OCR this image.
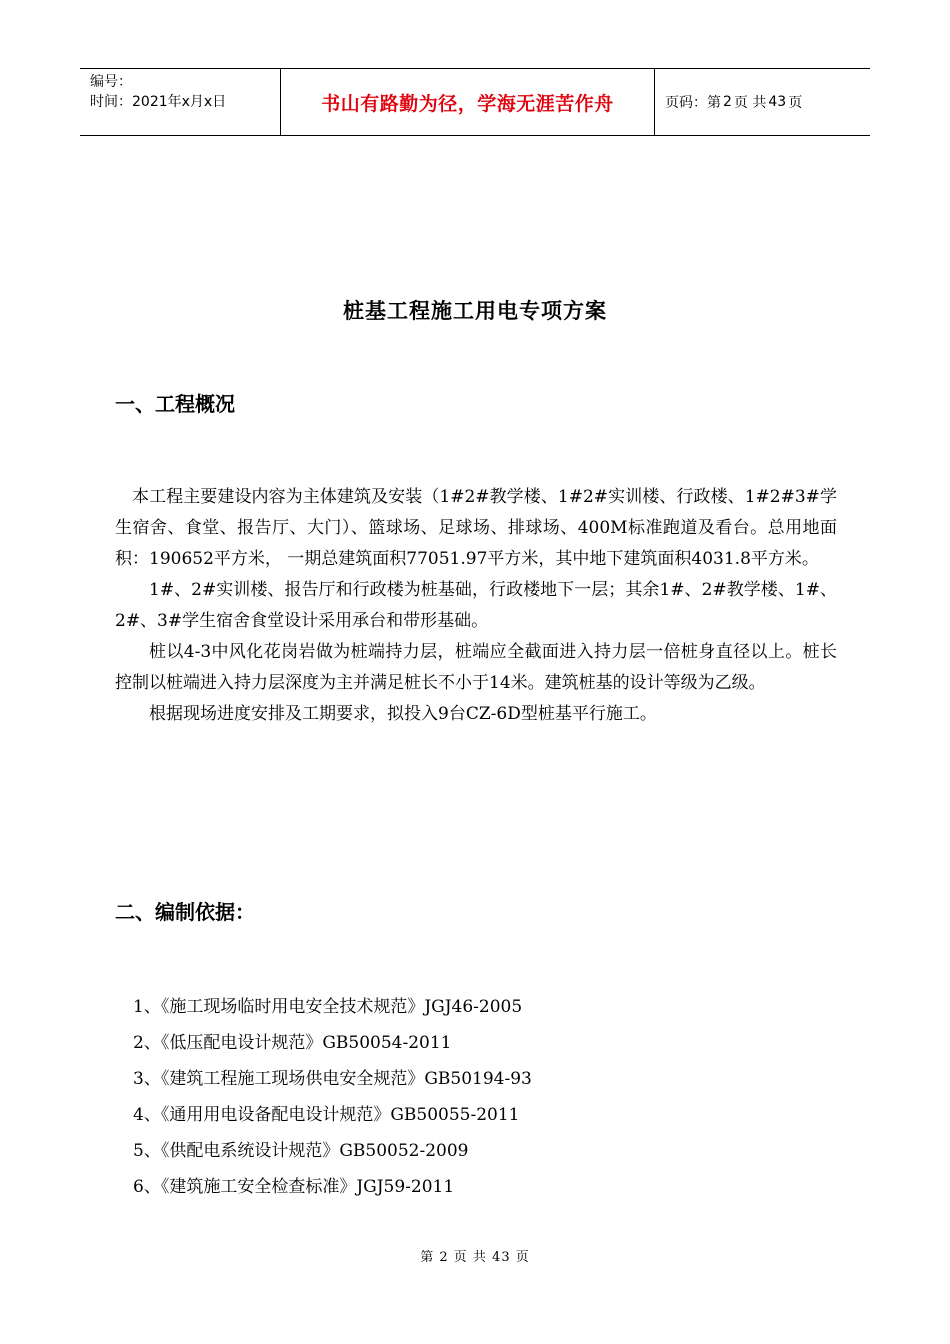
编号：
时间：2021年x月x日	书山有路勤为径，学海无涯苦作舟	页码：第 2 页 共 43 页
桩基工程施工用电专项方案
一、工程概况

本工程主要建设内容为主体建筑及安装（1#2#教学楼、1#2#实训楼、行政楼、1#2#3#学生宿舍、食堂、报告厅、大门）、篮球场、足球场、排球场、400M标准跑道及看台。总用地面积：190652平方米， 一期总建筑面积77051.97平方米，其中地下建筑面积4031.8平方米。

1#、2#实训楼、报告厅和行政楼为桩基础，行政楼地下一层；其余1#、2#教学楼、1#、2#、3#学生宿舍食堂设计采用承台和带形基础。

桩以4-3中风化花岗岩做为桩端持力层，桩端应全截面进入持力层一倍桩身直径以上。桩长控制以桩端进入持力层深度为主并满足桩长不小于14米。建筑桩基的设计等级为乙级。

根据现场进度安排及工期要求，拟投入9台CZ-6D型桩基平行施工。

二、编制依据：
1、《施工现场临时用电安全技术规范》JGJ46-2005
2、《低压配电设计规范》GB50054-2011
3、《建筑工程施工现场供电安全规范》GB50194-93
4、《通用用电设备配电设计规范》GB50055-2011
5、《供配电系统设计规范》GB50052-2009
6、《建筑施工安全检查标准》JGJ59-2011
第 2 页 共 43 页
